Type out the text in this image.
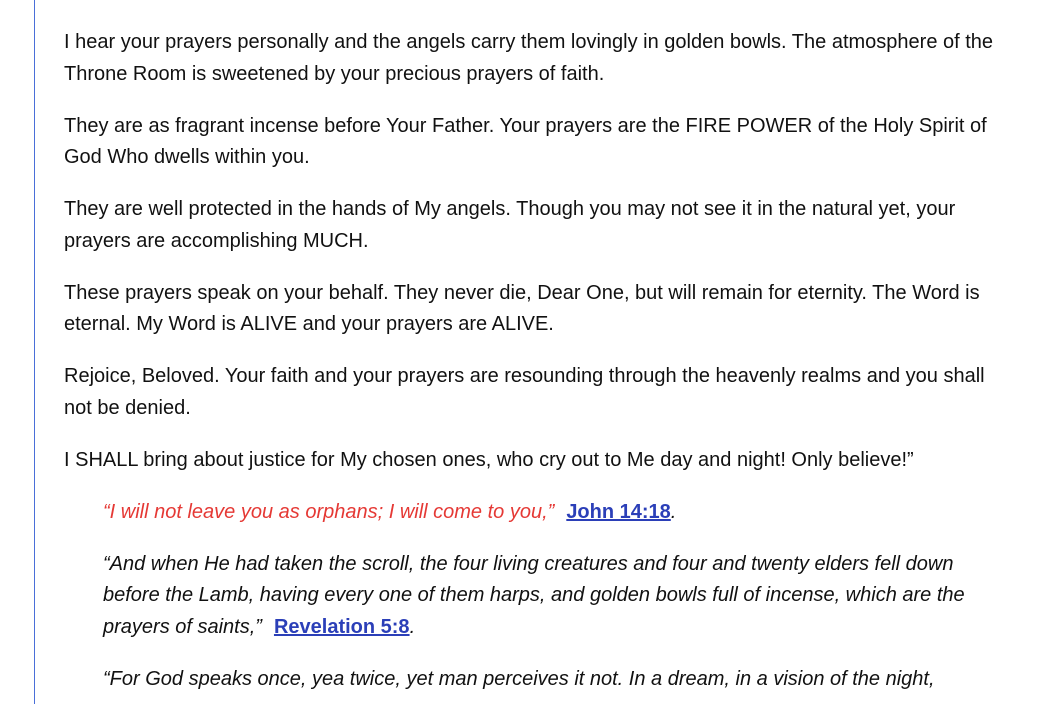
I hear your prayers personally and the angels carry them lovingly in golden bowls. The atmosphere of the Throne Room is sweetened by your precious prayers of faith.

They are as fragrant incense before Your Father. Your prayers are the FIRE POWER of the Holy Spirit of God Who dwells within you.

They are well protected in the hands of My angels. Though you may not see it in the natural yet, your prayers are accomplishing MUCH.

These prayers speak on your behalf. They never die, Dear One, but will remain for eternity. The Word is eternal. My Word is ALIVE and your prayers are ALIVE.

Rejoice, Beloved. Your faith and your prayers are resounding through the heavenly realms and you shall not be denied.

I SHALL bring about justice for My chosen ones, who cry out to Me day and night! Only believe!”

“I will not leave you as orphans; I will come to you,” John 14:18.

“And when He had taken the scroll, the four living creatures and four and twenty elders fell down before the Lamb, having every one of them harps, and golden bowls full of incense, which are the prayers of saints,” Revelation 5:8.

“For God speaks once, yea twice, yet man perceives it not. In a dream, in a vision of the night,
